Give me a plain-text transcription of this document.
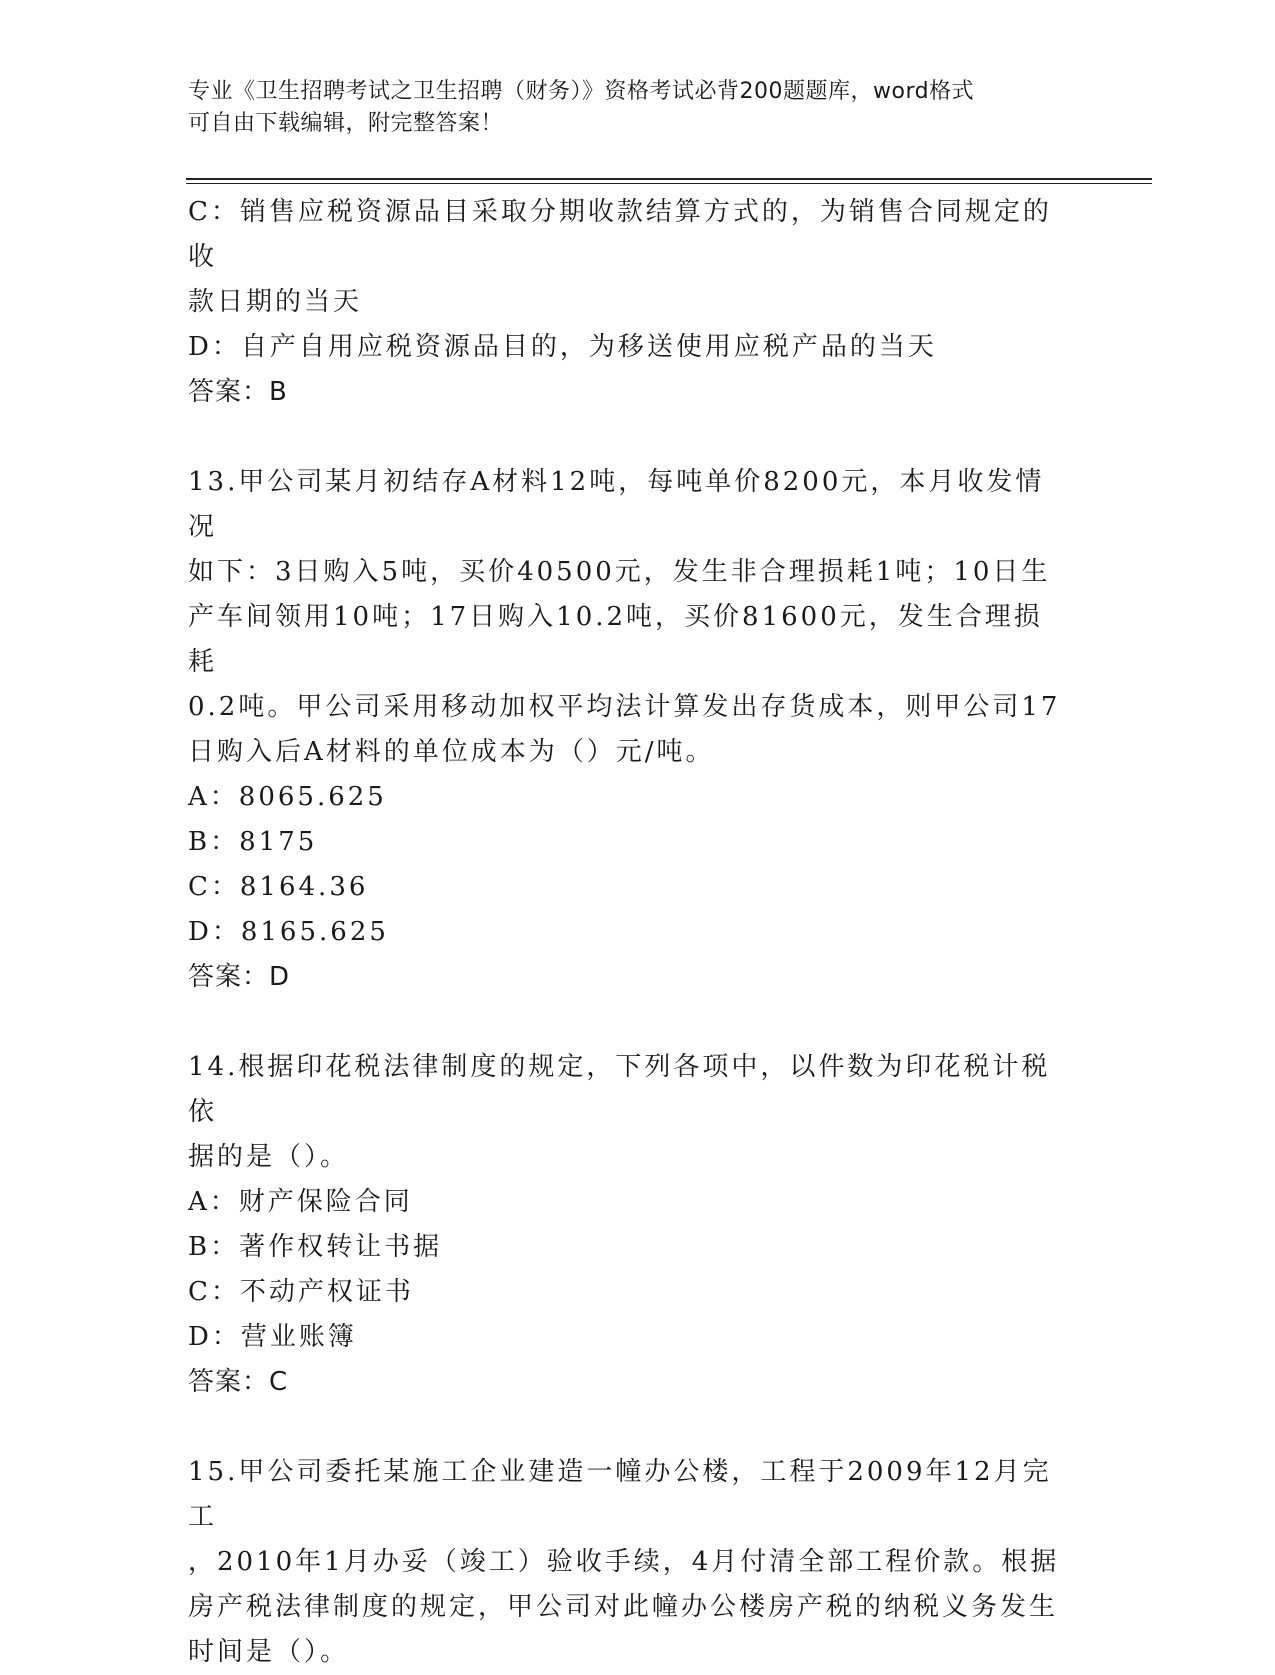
专业《卫生招聘考试之卫生招聘（财务）》资格考试必背200题题库，word格式
可自由下载编辑，附完整答案！

C：销售应税资源品目采取分期收款结算方式的，为销售合同规定的收

款日期的当天

D：自产自用应税资源品目的，为移送使用应税产品的当天

答案：B

13.甲公司某月初结存A材料12吨，每吨单价8200元，本月收发情况

如下：3日购入5吨，买价40500元，发生非合理损耗1吨；10日生

产车间领用10吨；17日购入10.2吨，买价81600元，发生合理损耗

0.2吨。甲公司采用移动加权平均法计算发出存货成本，则甲公司17

日购入后A材料的单位成本为（）元/吨。

A：8065.625

B：8175

C：8164.36

D：8165.625

答案：D

14.根据印花税法律制度的规定，下列各项中，以件数为印花税计税依

据的是（）。

A：财产保险合同

B：著作权转让书据

C：不动产权证书

D：营业账簿

答案：C

15.甲公司委托某施工企业建造一幢办公楼，工程于2009年12月完工

，2010年1月办妥（竣工）验收手续，4月付清全部工程价款。根据

房产税法律制度的规定，甲公司对此幢办公楼房产税的纳税义务发生

时间是（）。
